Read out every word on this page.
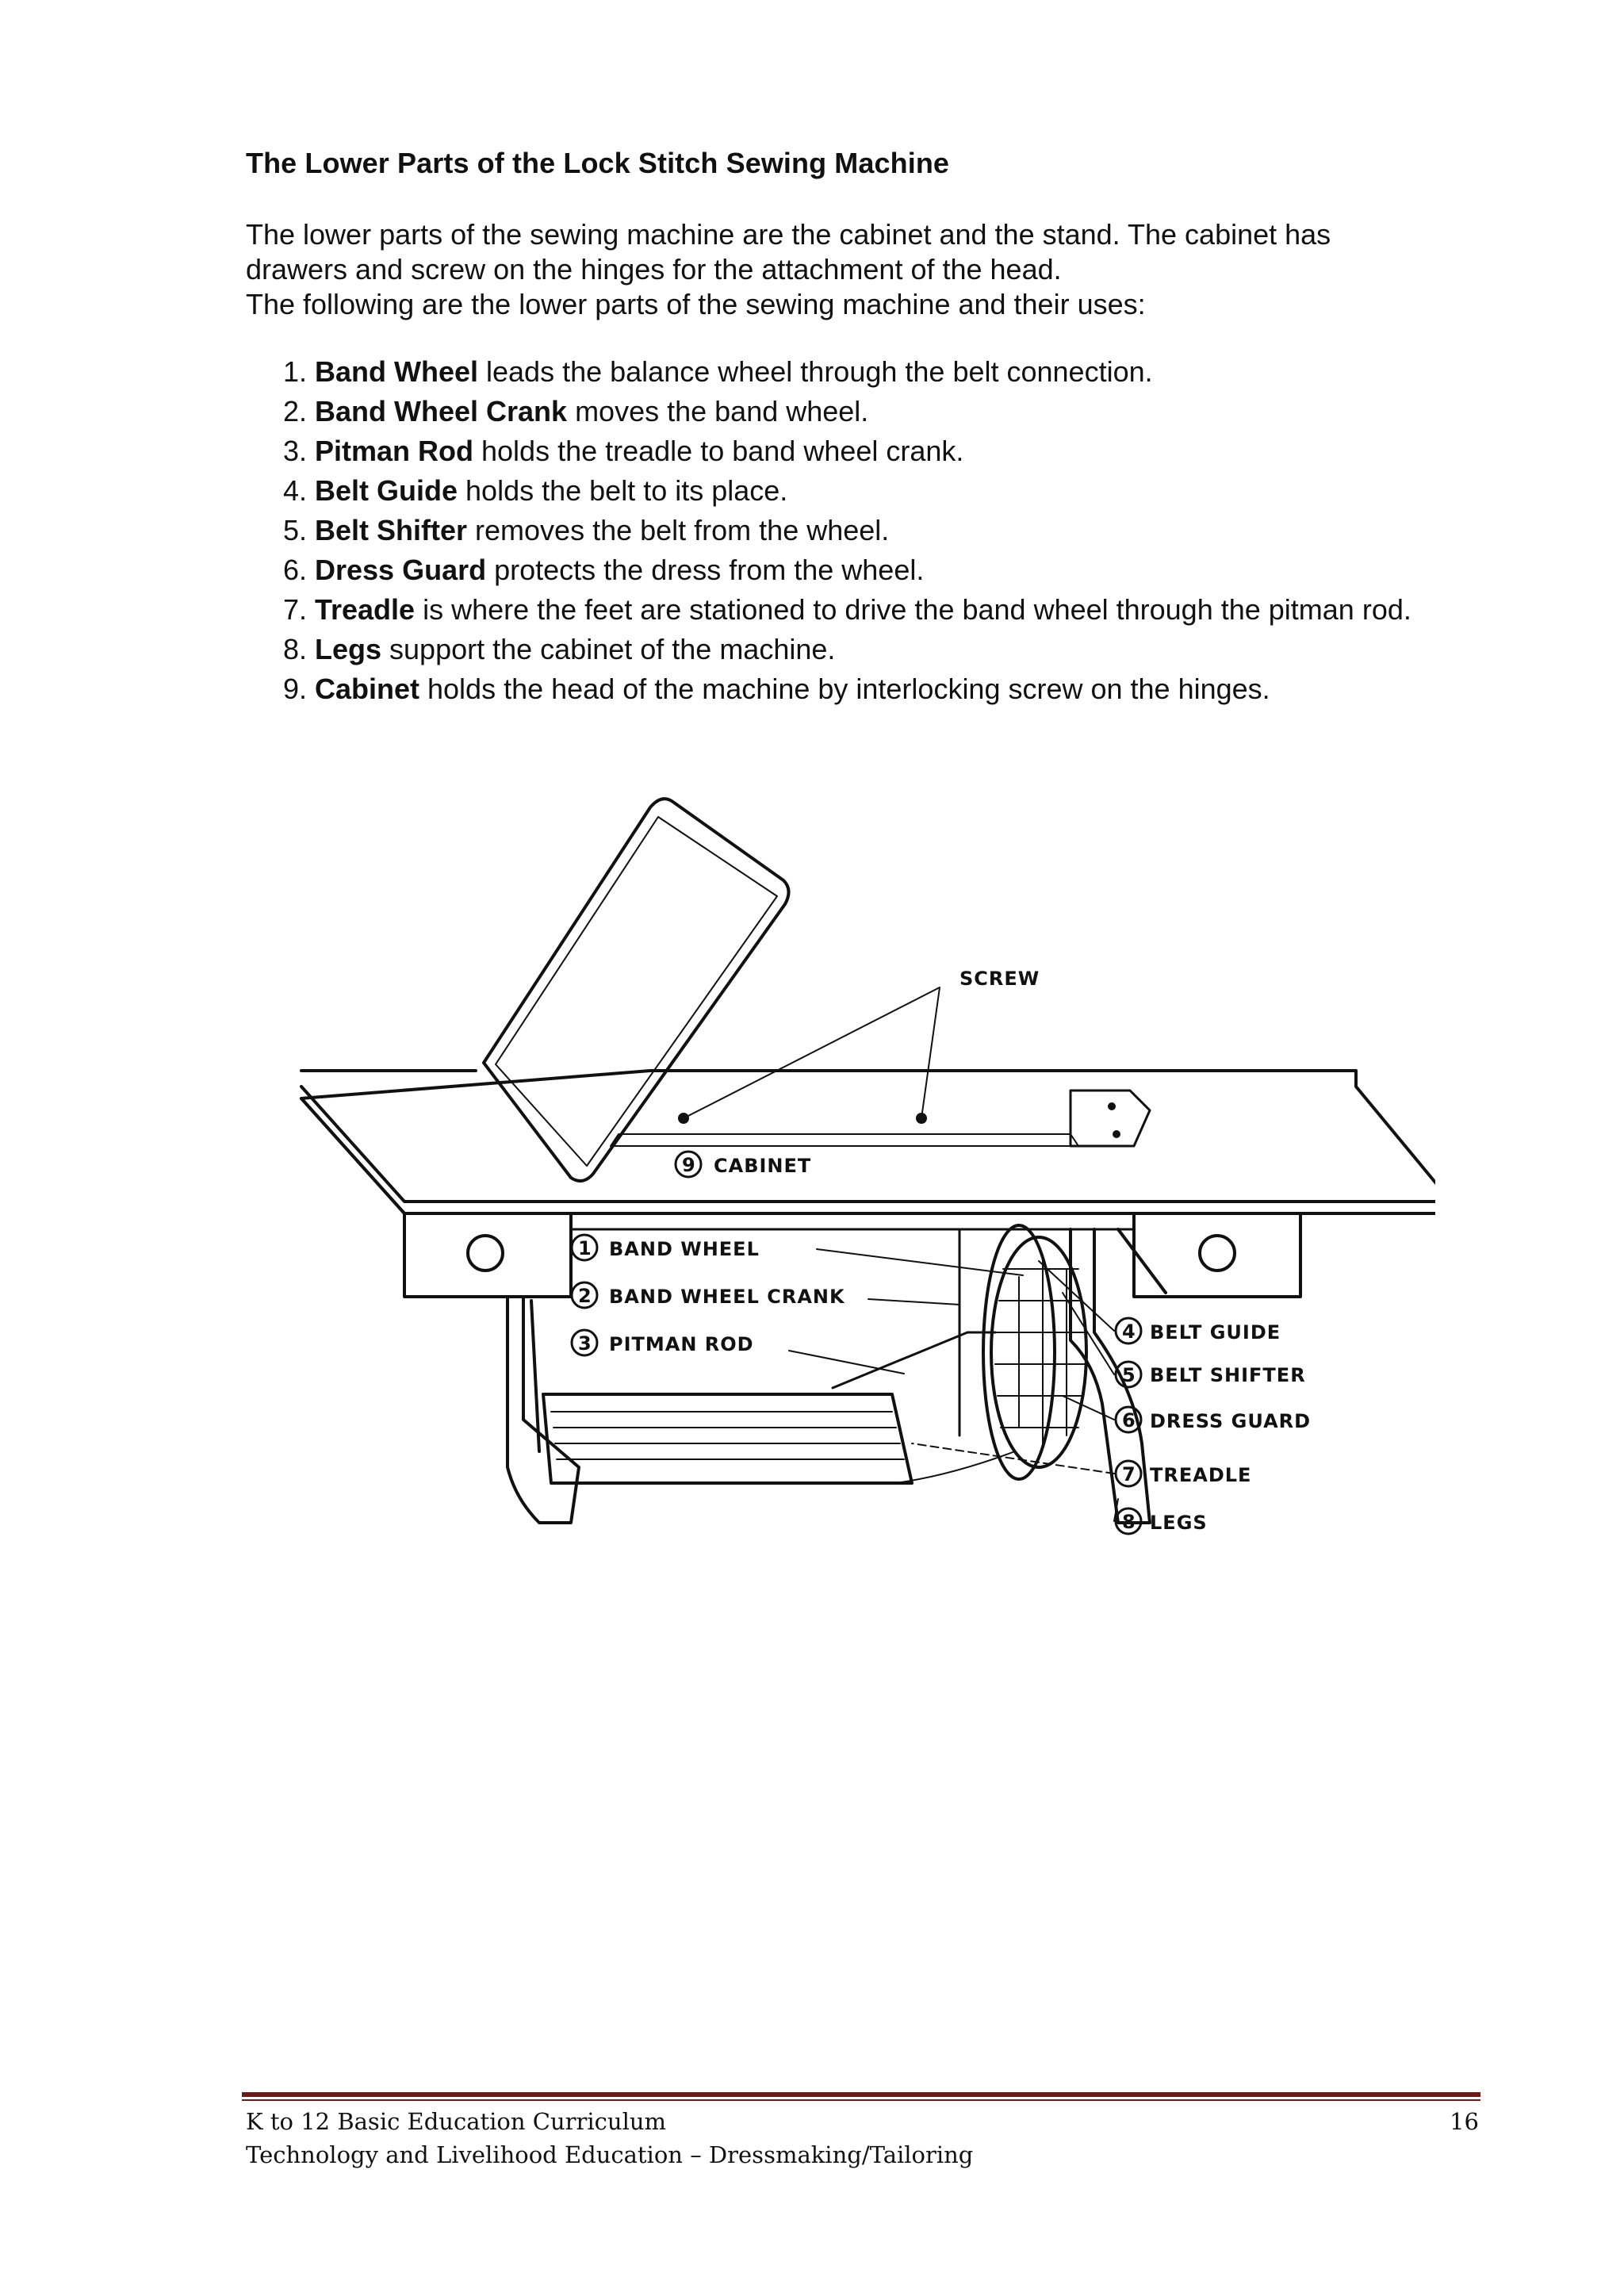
The Lower Parts of the Lock Stitch Sewing Machine

The lower parts of the sewing machine are the cabinet and the stand. The cabinet has

drawers and screw on the hinges for the attachment of the head.

The following are the lower parts of the sewing machine and their uses:

1. Band Wheel leads the balance wheel through the belt connection.
2. Band Wheel Crank moves the band wheel.
3. Pitman Rod holds the treadle to band wheel crank.
4. Belt Guide holds the belt to its place.
5. Belt Shifter removes the belt from the wheel.
6. Dress Guard protects the dress from the wheel.
7. Treadle is where the feet are stationed to drive the band wheel through the pitman rod.
8. Legs support the cabinet of the machine.
9. Cabinet holds the head of the machine by interlocking screw on the hinges.
SCREW
9 CABINET
1 BAND WHEEL
2 BAND WHEEL CRANK
3 PITMAN ROD
4 BELT GUIDE
5 BELT SHIFTER
6 DRESS GUARD
7 TREADLE
8 LEGS
K to 12 Basic Education Curriculum	16
Technology and Livelihood Education – Dressmaking/Tailoring
